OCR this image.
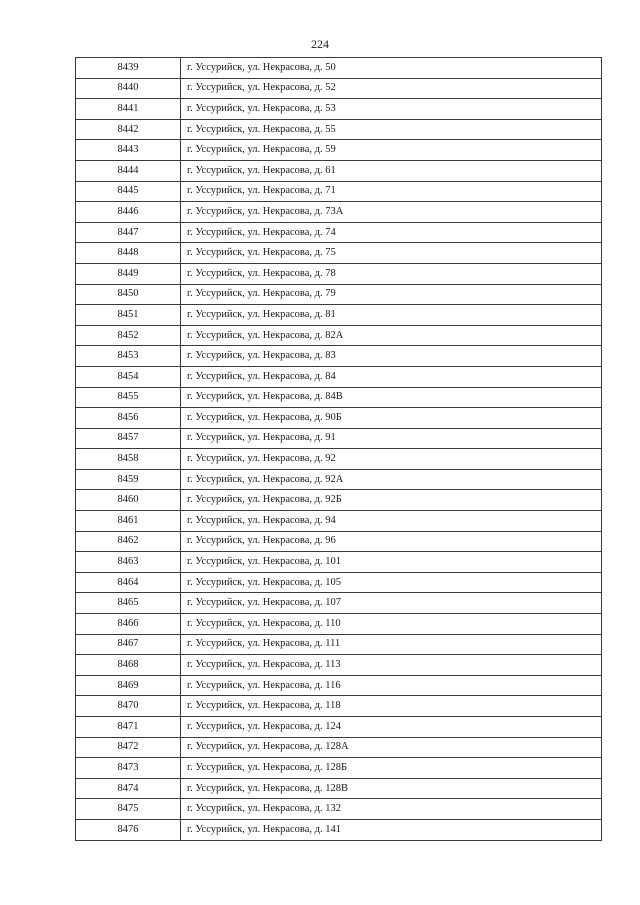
224
8439	г. Уссурийск, ул. Некрасова, д. 50
8440	г. Уссурийск, ул. Некрасова, д. 52
8441	г. Уссурийск, ул. Некрасова, д. 53
8442	г. Уссурийск, ул. Некрасова, д. 55
8443	г. Уссурийск, ул. Некрасова, д. 59
8444	г. Уссурийск, ул. Некрасова, д. 61
8445	г. Уссурийск, ул. Некрасова, д. 71
8446	г. Уссурийск, ул. Некрасова, д. 73А
8447	г. Уссурийск, ул. Некрасова, д. 74
8448	г. Уссурийск, ул. Некрасова, д. 75
8449	г. Уссурийск, ул. Некрасова, д. 78
8450	г. Уссурийск, ул. Некрасова, д. 79
8451	г. Уссурийск, ул. Некрасова, д. 81
8452	г. Уссурийск, ул. Некрасова, д. 82А
8453	г. Уссурийск, ул. Некрасова, д. 83
8454	г. Уссурийск, ул. Некрасова, д. 84
8455	г. Уссурийск, ул. Некрасова, д. 84В
8456	г. Уссурийск, ул. Некрасова, д. 90Б
8457	г. Уссурийск, ул. Некрасова, д. 91
8458	г. Уссурийск, ул. Некрасова, д. 92
8459	г. Уссурийск, ул. Некрасова, д. 92А
8460	г. Уссурийск, ул. Некрасова, д. 92Б
8461	г. Уссурийск, ул. Некрасова, д. 94
8462	г. Уссурийск, ул. Некрасова, д. 96
8463	г. Уссурийск, ул. Некрасова, д. 101
8464	г. Уссурийск, ул. Некрасова, д. 105
8465	г. Уссурийск, ул. Некрасова, д. 107
8466	г. Уссурийск, ул. Некрасова, д. 110
8467	г. Уссурийск, ул. Некрасова, д. 111
8468	г. Уссурийск, ул. Некрасова, д. 113
8469	г. Уссурийск, ул. Некрасова, д. 116
8470	г. Уссурийск, ул. Некрасова, д. 118
8471	г. Уссурийск, ул. Некрасова, д. 124
8472	г. Уссурийск, ул. Некрасова, д. 128А
8473	г. Уссурийск, ул. Некрасова, д. 128Б
8474	г. Уссурийск, ул. Некрасова, д. 128В
8475	г. Уссурийск, ул. Некрасова, д. 132
8476	г. Уссурийск, ул. Некрасова, д. 141
